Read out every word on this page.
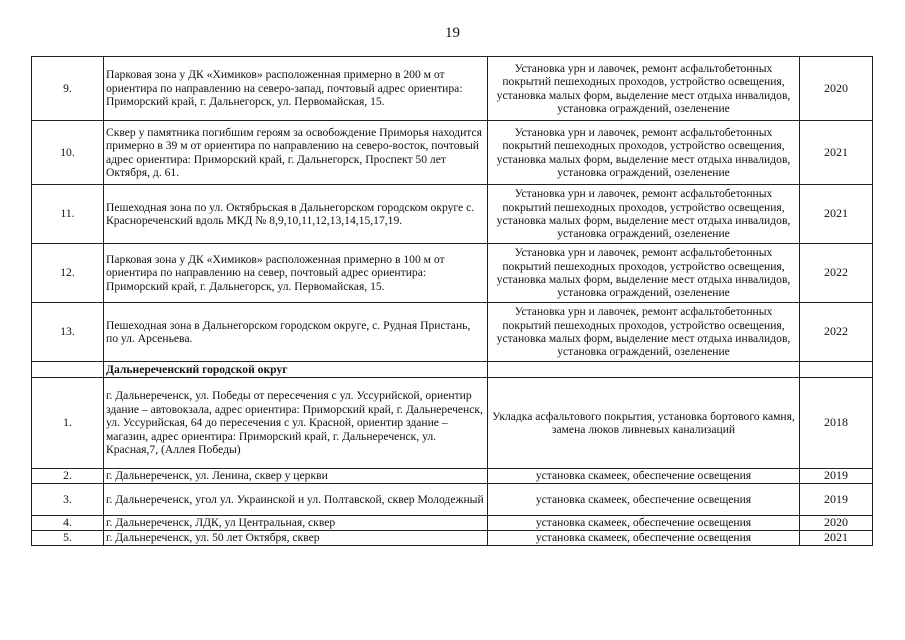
19
9.	Парковая зона у ДК «Химиков» расположенная примерно в 200 м от ориентира по направлению на северо-запад, почтовый адрес ориентира: Приморский край, г. Дальнегорск, ул. Первомайская, 15.	Установка урн и лавочек, ремонт асфальтобетонных покрытий пешеходных проходов, устройство освещения, установка малых форм, выделение мест отдыха инвалидов, установка ограждений, озеленение	2020
10.	Сквер у памятника погибшим героям за освобождение Приморья находится примерно в 39 м от ориентира по направлению на северо-восток, почтовый адрес ориентира: Приморский край, г. Дальнегорск, Проспект 50 лет Октября, д. 61.	Установка урн и лавочек, ремонт асфальтобетонных покрытий пешеходных проходов, устройство освещения, установка малых форм, выделение мест отдыха инвалидов, установка ограждений, озеленение	2021
11.	Пешеходная зона по ул. Октябрьская в Дальнегорском городском округе с. Краснореченский вдоль МКД № 8,9,10,11,12,13,14,15,17,19.	Установка урн и лавочек, ремонт асфальтобетонных покрытий пешеходных проходов, устройство освещения, установка малых форм, выделение мест отдыха инвалидов, установка ограждений, озеленение	2021
12.	Парковая зона у ДК «Химиков» расположенная примерно в 100 м от ориентира по направлению на север, почтовый адрес ориентира: Приморский край, г. Дальнегорск, ул. Первомайская, 15.	Установка урн и лавочек, ремонт асфальтобетонных покрытий пешеходных проходов, устройство освещения, установка малых форм, выделение мест отдыха инвалидов, установка ограждений, озеленение	2022
13.	Пешеходная зона в Дальнегорском городском округе, с. Рудная Пристань, по ул. Арсеньева.	Установка урн и лавочек, ремонт асфальтобетонных покрытий пешеходных проходов, устройство освещения, установка малых форм, выделение мест отдыха инвалидов, установка ограждений, озеленение	2022
	Дальнереченский городской округ		
1.	г. Дальнереченск, ул. Победы от пересечения с ул. Уссурийской, ориентир здание – автовокзала, адрес ориентира: Приморский край, г. Дальнереченск, ул. Уссурийская, 64 до пересечения с ул. Красной, ориентир здание – магазин, адрес ориентира: Приморский край, г. Дальнереченск, ул. Красная,7, (Аллея Победы)	Укладка асфальтового покрытия, установка бортового камня, замена люков ливневых канализаций	2018
2.	г. Дальнереченск, ул. Ленина, сквер у церкви	установка скамеек, обеспечение освещения	2019
3.	г. Дальнереченск, угол ул. Украинской и ул. Полтавской, сквер Молодежный	установка скамеек, обеспечение освещения	2019
4.	г. Дальнереченск, ЛДК, ул Центральная, сквер	установка скамеек, обеспечение освещения	2020
5.	г. Дальнереченск, ул. 50 лет Октября, сквер	установка скамеек, обеспечение освещения	2021
